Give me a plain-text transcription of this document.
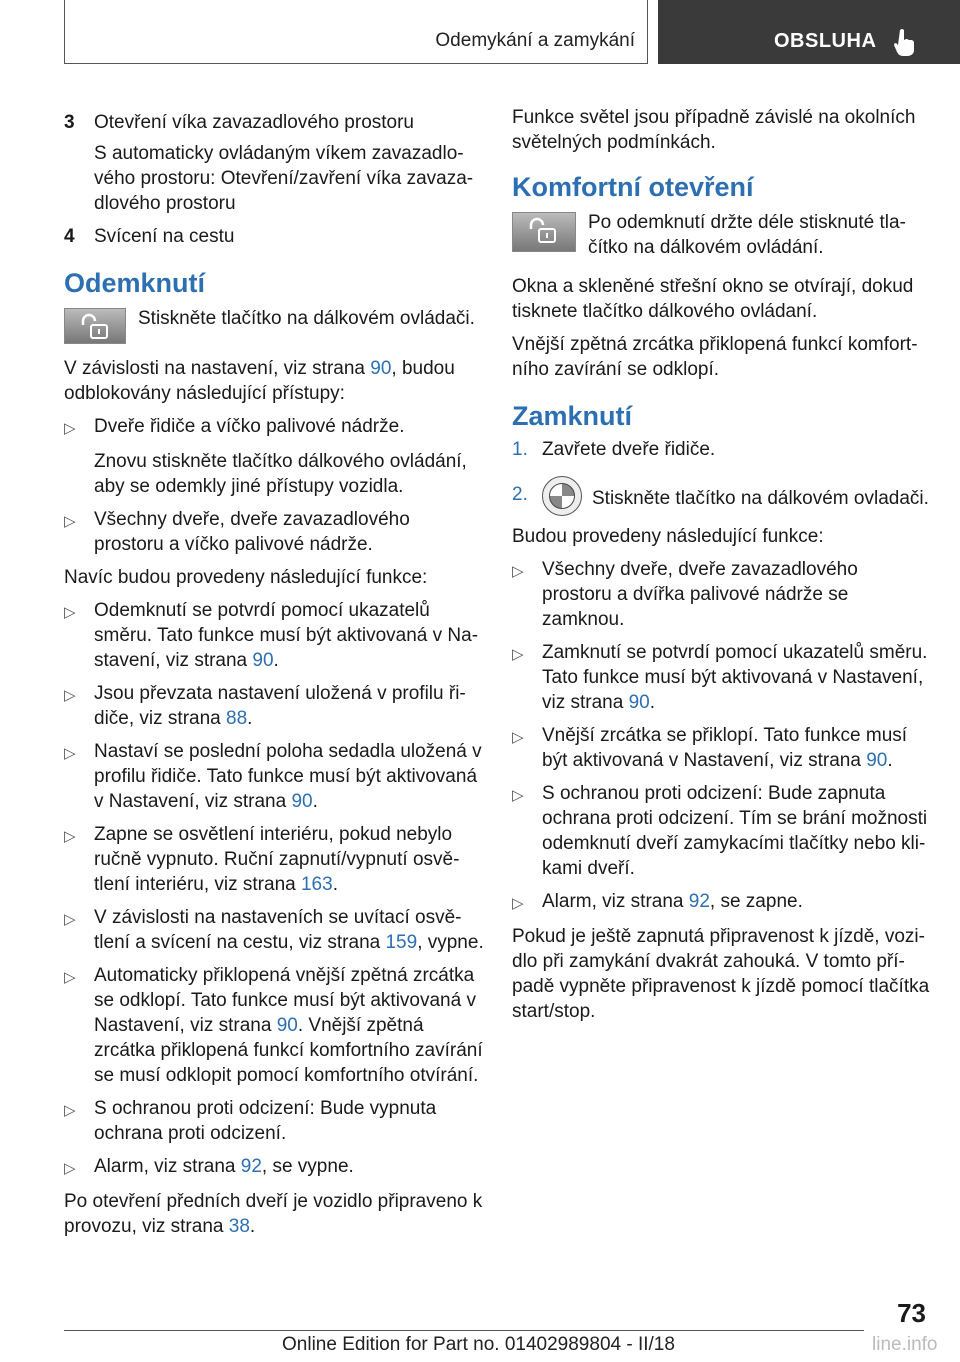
Odemykání a zamykání	OBSLUHA
3	Otevření víka zavazadlového prostoru

S automaticky ovládaným víkem zavazadlo‐vého prostoru: Otevření/zavření víka zavaza‐dlového prostoru

4	Svícení na cestu
Odemknutí
Stiskněte tlačítko na dálkovém ovládači.

V závislosti na nastavení, viz strana 90, budou odblokovány následující přístupy:

▷ Dveře řidiče a víčko palivové nádrže.

Znovu stiskněte tlačítko dálkového ovládání, aby se odemkly jiné přístupy vozidla.

▷ Všechny dveře, dveře zavazadlového prostoru a víčko palivové nádrže.

Navíc budou provedeny následující funkce:

▷ Odemknutí se potvrdí pomocí ukazatelů směru. Tato funkce musí být aktivovaná v Na‐stavení, viz strana 90.
▷ Jsou převzata nastavení uložená v profilu ři‐diče, viz strana 88.
▷ Nastaví se poslední poloha sedadla uložená v profilu řidiče. Tato funkce musí být aktivovaná v Nastavení, viz strana 90.
▷ Zapne se osvětlení interiéru, pokud nebylo ručně vypnuto. Ruční zapnutí/vypnutí osvě‐tlení interiéru, viz strana 163.
▷ V závislosti na nastaveních se uvítací osvě‐tlení a svícení na cestu, viz strana 159, vypne.
▷ Automaticky přiklopená vnější zpětná zrcátka se odklopí. Tato funkce musí být aktivovaná v Nastavení, viz strana 90. Vnější zpětná zrcátka přiklopená funkcí komfortního zavírání se musí odklopit pomocí komfortního otvírání.
▷ S ochranou proti odcizení: Bude vypnuta ochrana proti odcizení.
▷ Alarm, viz strana 92, se vypne.

Po otevření předních dveří je vozidlo připraveno k provozu, viz strana 38.

Funkce světel jsou případně závislé na okolních světelných podmínkách.

Komfortní otevření
Po odemknutí držte déle stisknuté tla‐čítko na dálkovém ovládání.

Okna a skleněné střešní okno se otvírají, dokud tisknete tlačítko dálkového ovládaní.

Vnější zpětná zrcátka přiklopená funkcí komfort‐ního zavírání se odklopí.

Zamknutí
1. Zavřete dveře řidiče.
2.	Stiskněte tlačítko na dálkovém ovladači.

Budou provedeny následující funkce:

▷ Všechny dveře, dveře zavazadlového prostoru a dvířka palivové nádrže se zamknou.
▷ Zamknutí se potvrdí pomocí ukazatelů směru. Tato funkce musí být aktivovaná v Nastavení, viz strana 90.
▷ Vnější zrcátka se přiklopí. Tato funkce musí být aktivovaná v Nastavení, viz strana 90.
▷ S ochranou proti odcizení: Bude zapnuta ochrana proti odcizení. Tím se brání možnosti odemknutí dveří zamykacími tlačítky nebo kli‐kami dveří.
▷ Alarm, viz strana 92, se zapne.

Pokud je ještě zapnutá připravenost k jízdě, vozi‐dlo při zamykání dvakrát zahouká. V tomto pří‐padě vypněte připravenost k jízdě pomocí tlačítka start/stop.

73
Online Edition for Part no. 01402989804 - II/18	line.info
